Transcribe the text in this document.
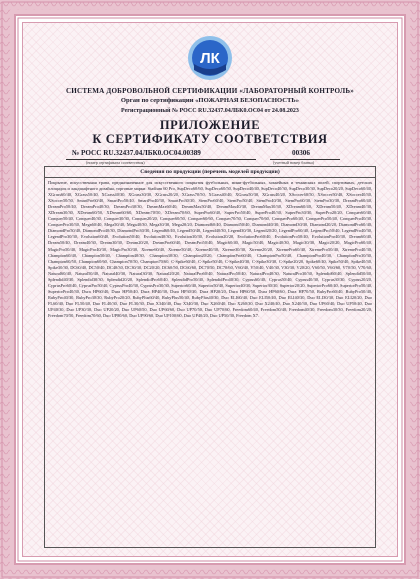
ЛК
СИСТЕМА ДОБРОВОЛЬНОЙ СЕРТИФИКАЦИИ «ЛАБОРАТОРНЫЙ КОНТРОЛЬ»
Орган по сертификации «ПОЖАРНАЯ БЕЗОПАСНОСТЬ»
Регистрационный № РОСС RU.32437.04ЛБК0.ОС04 от 24.08.2023
ПРИЛОЖЕНИЕ
К СЕРТИФИКАТУ СООТВЕТСТВИЯ
№ РОСС RU.32437.04ЛБК0.ОС04.00389	00306
(номер сертификата соответствия)	(учетный номер бланка)
Сведения по продукции (перечень моделей продукции)
Покрытие, искусственная трава, предназначенное для искусственного покрытия футбольных, мини-футбольных, хоккейных и теннисных полей, спортивных, детских площадок и ландшафтного дизайна, торговые марки: Stadium 60 Pro, SupDeco60/60, SupDeco60/50, SupDeco40/40, SupDeco40/30, SupDeco30/30, SupDeco20/20, SupDeco60/40, XGrass60/40, XGrass50/40, XGrass40/30, XGrass30/30, XGrass20/20, XGrass70/50, XGrass40/40, XGrass50/30, XGrass40/20, XSoccer60/50, XSoccer50/40, XSoccer40/30, XSoccer50/50, SmartPro60/40, SmartPro50/40, SmartPro40/30, SmartPro30/30, StemPro60/40, StemPro50/40, StemPro40/30, StemPro60/30, StemPro30/30, DreamPro60/40, DreamPro50/40, DreamPro40/30, DreamPro30/30, DreamMax60/40, DreamMax50/40, DreamMax40/30, DreamMax30/30, XDream60/40, XDream50/40, XDream40/30, XDream30/30, XDream60/50, XDream60/60, XDream70/50, XDream70/60, SuperPro60/40, SuperPro50/40, SuperPro40/30, SuperPro30/30, SuperPro20/20, Conquer60/40, Conquer50/40, Conquer40/30, Conquer30/30, Conquer20/20, Conquer60/50, Conquer60/60, Conquer70/50, Conquer70/60, ConquerPro60/40, ConquerPro50/40, ConquerPro40/30, ConquerPro30/30, Mega60/40, Mega50/40, Mega40/30, Mega30/30, Mega20/20, Diamond60/40, Diamond50/40, Diamond40/30, Diamond30/30, Diamond20/20, DiamondPro60/40, DiamondPro50/40, DiamondPro40/30, DiamondPro30/30, Legend60/40, Legend50/40, Legend40/30, Legend30/30, Legend20/20, LegendPro60/40, LegendPro50/40, LegendPro40/30, LegendPro30/30, Evolution60/40, Evolution50/40, Evolution40/30, Evolution30/30, Evolution20/20, EvolutionPro60/40, EvolutionPro50/40, EvolutionPro40/30, Dream60/40, Dream50/40, Dream40/30, Dream30/30, Dream20/20, DreamPro60/40, DreamPro50/40, Magic60/40, Magic50/40, Magic40/30, Magic30/30, Magic20/20, MagicPro60/40, MagicPro50/40, MagicPro40/30, MagicPro30/30, Xtreme60/40, Xtreme50/40, Xtreme40/30, Xtreme30/30, Xtreme20/20, XtremePro60/40, XtremePro50/40, XtremePro40/30, Champion60/40, Champion50/40, Champion40/30, Champion30/30, Champion20/20, ChampionPro60/40, ChampionPro50/40, ChampionPro40/30, ChampionPro30/30, Champion60/50, Champion60/60, Champion70/50, Champion70/60, C-Spike60/40, C-Spike50/40, C-Spike40/30, C-Spike30/30, C-Spike20/20, Spike60/40, Spike50/40, Spike40/30, Spike30/30, DC60/40, DC50/40, DC40/30, DC30/30, DC20/20, DC60/50, DC60/60, DC70/50, DC70/60, V60/40, V50/40, V40/30, V30/30, V20/20, V60/50, V60/60, V70/50, V70/60, Natural60/40, Natural50/40, Natural40/30, Natural30/30, Natural20/20, NaturalPro60/40, NaturalPro50/40, NaturalPro40/30, NaturalPro30/30, Splendid60/40, Splendid50/40, Splendid40/30, Splendid30/30, Splendid20/20, SplendidPro60/40, SplendidPro50/40, SplendidPro40/30, Cyprus60/40, Cyprus50/40, Cyprus40/30, Cyprus30/30, Cyprus20/20, CyprusPro60/40, CyprusPro50/40, CyprusPro40/30, CyprusPro30/30, Superior60/40, Superior50/40, Superior40/30, Superior30/30, Superior20/20, SuperiorPro60/40, SuperiorPro50/40, SuperiorPro40/30, Dura HP60/40, Dura HP50/40, Dura HP40/30, Dura HP30/30, Dura HP20/20, Dura HP60/50, Dura HP60/60, Dura HP70/50, RubyPro60/40, RubyPro50/40, RubyPro40/30, RubyPro30/30, RubyPro20/20, RubyPlus60/40, RubyPlus50/40, RubyPlus40/30, Duo ELI60/40, Duo ELI50/40, Duo ELI40/30, Duo ELI30/30, Duo ELI20/20, Duo FL60/40, Duo FL50/40, Duo FL40/30, Duo FL30/30, Duo X340/40, Duo X340/30, Duo X260/40, Duo X260/30, Duo X240/40, Duo X240/30, Duo UP60/40, Duo UP50/40, Duo UP40/30, Duo UP30/30, Duo UP20/20, Duo UP60/50, Duo UP60/60, Duo UP70/50, Duo UP70/60, Freedom60/40, Freedom50/40, Freedom40/30, Freedom30/30, Freedom20/20, Freedom70/50, Freedom70/60, Duo UP80/60, Duo UP90/60, Duo UP100/60, Duo UP40/20, Duo UP50/30, Freedom X7.
